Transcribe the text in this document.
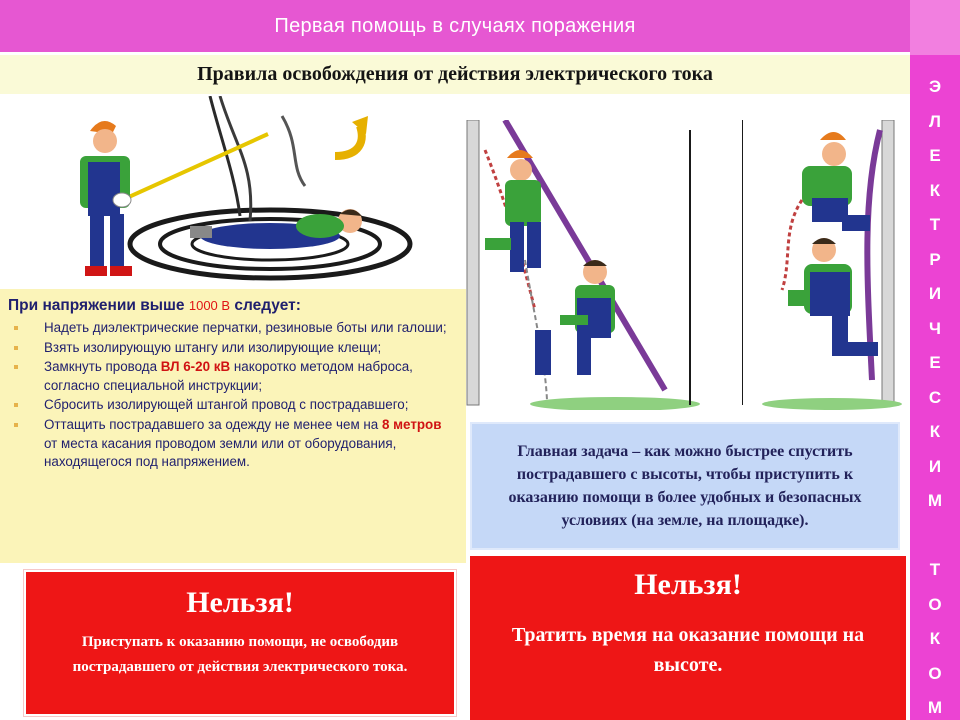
Первая помощь в случаях поражения
Э
Л
Е
К
Т
Р
И
Ч
Е
С
К
И
М
Т
О
К
О
М
Правила освобождения от действия электрического тока
При напряжении выше 1000 В следует:
Надеть диэлектрические перчатки, резиновые боты или галоши;
Взять изолирующую штангу или изолирующие клещи;
Замкнуть провода ВЛ 6-20 кВ накоротко методом наброса, согласно специальной инструкции;
Сбросить изолирующей штангой провод с пострадавшего;
Оттащить пострадавшего за одежду не менее чем на 8 метров от места касания проводом земли или от оборудования, находящегося под напряжением.
Главная задача – как можно быстрее спустить пострадавшего с высоты, чтобы приступить к оказанию помощи в более удобных и безопасных условиях (на земле, на площадке).
Нельзя!
Приступать к оказанию помощи, не освободив пострадавшего от действия электрического тока.
Нельзя!
Тратить время на оказание помощи на высоте.
